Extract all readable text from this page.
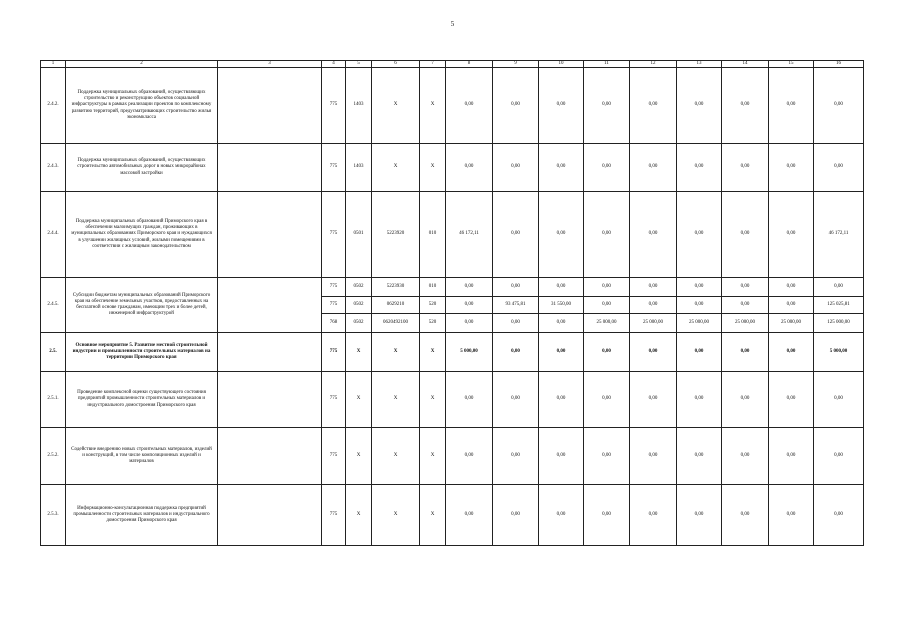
5
1	2	3	4	5	6	7	8	9	10	11	12	13	14	15	16
2.4.2.	Поддержка муниципальных образований, осуществляющих строительство и реконструкцию объектов социальной инфраструктуры в рамках реализации проектов по комплексному развитию территорий, предусматривающих строительство жилья экономкласса		775	1403	X	X	0,00	0,00	0,00	0,00	0,00	0,00	0,00	0,00	0,00
2.4.3.	Поддержка муниципальных образований, осуществляющих строительство автомобильных дорог в новых микрорайонах массовой застройки		775	1403	X	X	0,00	0,00	0,00	0,00	0,00	0,00	0,00	0,00	0,00
2.4.4.	Поддержка муниципальных образований Приморского края в обеспечении малоимущих граждан, проживающих в муниципальных образованиях Приморского края и нуждающихся в улучшении жилищных условий, жилыми помещениями в соответствии с жилищным законодательством		775	0501	5223920	010	46 172,11	0,00	0,00	0,00	0,00	0,00	0,00	0,00	46 172,11
2.4.5.	Субсидии бюджетам муниципальных образований Приморского края на обеспечение земельных участков, предоставленных на бесплатной основе гражданам, имеющим трех и более детей, инженерной инфраструктурой		775	0502	5223930	010	0,00	0,00	0,00	0,00	0,00	0,00	0,00	0,00	0,00
			775	0502	0629210	520	0,00	93 475,81	31 550,00	0,00	0,00	0,00	0,00	0,00	125 025,81
			768	0502	0620492100	520	0,00	0,00	0,00	25 000,00	25 000,00	25 000,00	25 000,00	25 000,00	125 000,00
2.5.	Основное мероприятие 5. Развитие местной строительной индустрии и промышленности строительных материалов на территории Приморского края		775	X	X	X	5 000,00	0,00	0,00	0,00	0,00	0,00	0,00	0,00	5 000,00
2.5.1.	Проведение комплексной оценки существующего состояния предприятий промышленности строительных материалов и индустриального домостроения Приморского края		775	X	X	X	0,00	0,00	0,00	0,00	0,00	0,00	0,00	0,00	0,00
2.5.2.	Содействие внедрению новых строительных материалов, изделий и конструкций, в том числе композиционных изделий и материалов		775	X	X	X	0,00	0,00	0,00	0,00	0,00	0,00	0,00	0,00	0,00
2.5.3.	Информационно-консультационная поддержка предприятий промышленности строительных материалов и индустриального домостроения Приморского края		775	X	X	X	0,00	0,00	0,00	0,00	0,00	0,00	0,00	0,00	0,00
